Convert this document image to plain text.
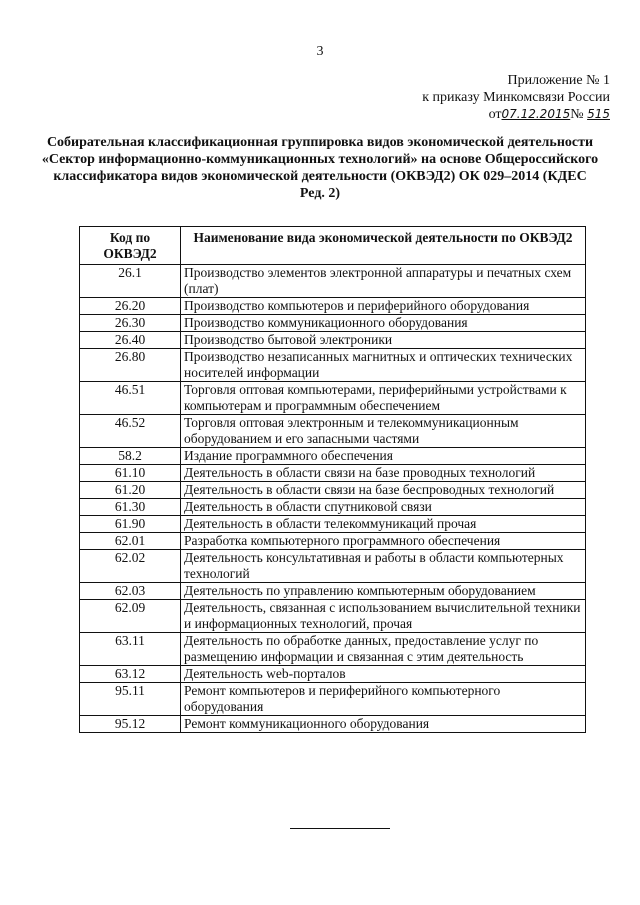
3
Приложение № 1
к приказу Минкомсвязи России
от07.12.2015№ 515
Собирательная классификационная группировка видов экономической деятельности «Сектор информационно-коммуникационных технологий» на основе Общероссийского классификатора видов экономической деятельности (ОКВЭД2) ОК 029–2014 (КДЕС Ред. 2)
Код по ОКВЭД2	Наименование вида экономической деятельности по ОКВЭД2
26.1	Производство элементов электронной аппаратуры и печатных схем (плат)
26.20	Производство компьютеров и периферийного оборудования
26.30	Производство коммуникационного оборудования
26.40	Производство бытовой электроники
26.80	Производство незаписанных магнитных и оптических технических носителей информации
46.51	Торговля оптовая компьютерами, периферийными устройствами к компьютерам и программным обеспечением
46.52	Торговля оптовая электронным и телекоммуникационным оборудованием и его запасными частями
58.2	Издание программного обеспечения
61.10	Деятельность в области связи на базе проводных технологий
61.20	Деятельность в области связи на базе беспроводных технологий
61.30	Деятельность в области спутниковой связи
61.90	Деятельность в области телекоммуникаций прочая
62.01	Разработка компьютерного программного обеспечения
62.02	Деятельность консультативная и работы в области компьютерных технологий
62.03	Деятельность по управлению компьютерным оборудованием
62.09	Деятельность, связанная с использованием вычислительной техники и информационных технологий, прочая
63.11	Деятельность по обработке данных, предоставление услуг по размещению информации и связанная с этим деятельность
63.12	Деятельность web-порталов
95.11	Ремонт компьютеров и периферийного компьютерного оборудования
95.12	Ремонт коммуникационного оборудования
